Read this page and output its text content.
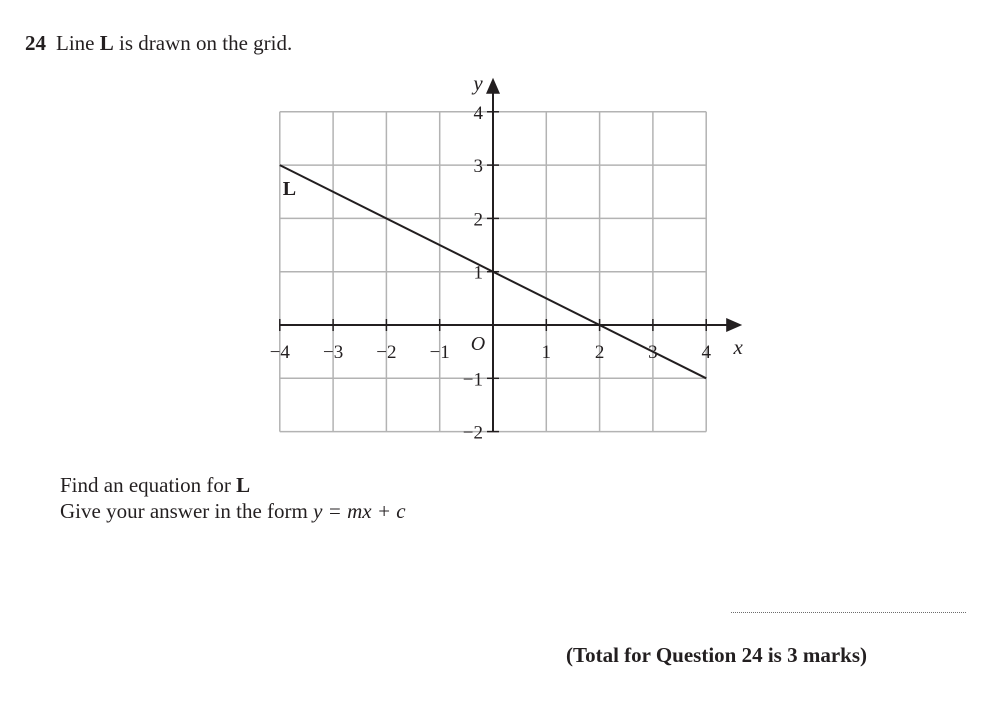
24 Line L is drawn on the grid.
−4 −3 −2 −1	1 2 3 4
−2
−1
1
2
3
4
O	x
y
L
Find an equation for L
Give your answer in the form y = mx + c
(Total for Question 24 is 3 marks)
